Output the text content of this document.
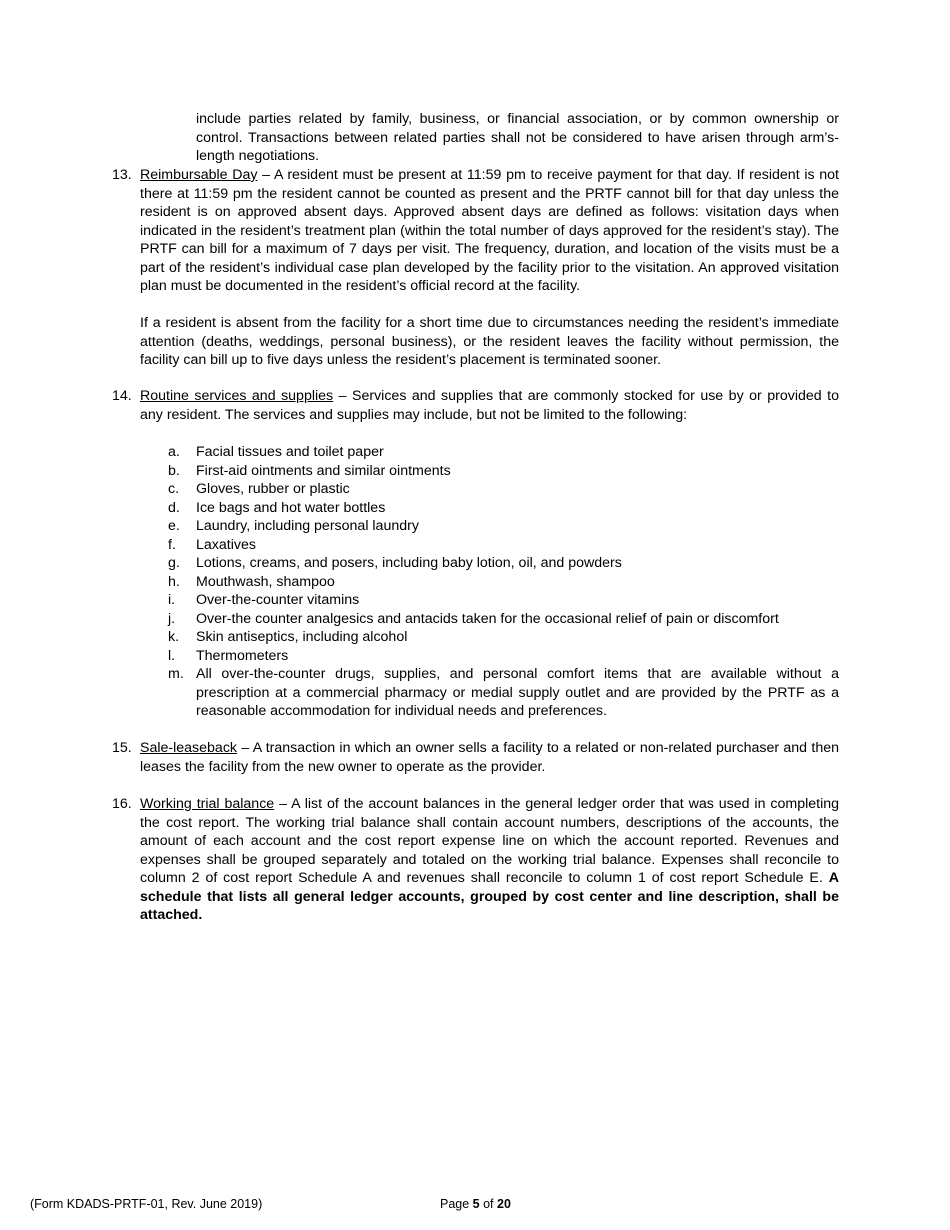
include parties related by family, business, or financial association, or by common ownership or control. Transactions between related parties shall not be considered to have arisen through arm’s-length negotiations.
13. Reimbursable Day – A resident must be present at 11:59 pm to receive payment for that day. If resident is not there at 11:59 pm the resident cannot be counted as present and the PRTF cannot bill for that day unless the resident is on approved absent days. Approved absent days are defined as follows: visitation days when indicated in the resident’s treatment plan (within the total number of days approved for the resident’s stay). The PRTF can bill for a maximum of 7 days per visit. The frequency, duration, and location of the visits must be a part of the resident’s individual case plan developed by the facility prior to the visitation. An approved visitation plan must be documented in the resident’s official record at the facility.

If a resident is absent from the facility for a short time due to circumstances needing the resident’s immediate attention (deaths, weddings, personal business), or the resident leaves the facility without permission, the facility can bill up to five days unless the resident’s placement is terminated sooner.

14. Routine services and supplies – Services and supplies that are commonly stocked for use by or provided to any resident. The services and supplies may include, but not be limited to the following:

a. Facial tissues and toilet paper
b. First-aid ointments and similar ointments
c. Gloves, rubber or plastic
d. Ice bags and hot water bottles
e. Laundry, including personal laundry
f. Laxatives
g. Lotions, creams, and posers, including baby lotion, oil, and powders
h. Mouthwash, shampoo
i. Over-the-counter vitamins
j. Over-the counter analgesics and antacids taken for the occasional relief of pain or discomfort
k. Skin antiseptics, including alcohol
l. Thermometers
m. All over-the-counter drugs, supplies, and personal comfort items that are available without a prescription at a commercial pharmacy or medial supply outlet and are provided by the PRTF as a reasonable accommodation for individual needs and preferences.
15. Sale-leaseback – A transaction in which an owner sells a facility to a related or non-related purchaser and then leases the facility from the new owner to operate as the provider.

16. Working trial balance – A list of the account balances in the general ledger order that was used in completing the cost report. The working trial balance shall contain account numbers, descriptions of the accounts, the amount of each account and the cost report expense line on which the account reported. Revenues and expenses shall be grouped separately and totaled on the working trial balance. Expenses shall reconcile to column 2 of cost report Schedule A and revenues shall reconcile to column 1 of cost report Schedule E. A schedule that lists all general ledger accounts, grouped by cost center and line description, shall be attached.

(Form KDADS-PRTF-01, Rev. June 2019)	Page 5 of 20
